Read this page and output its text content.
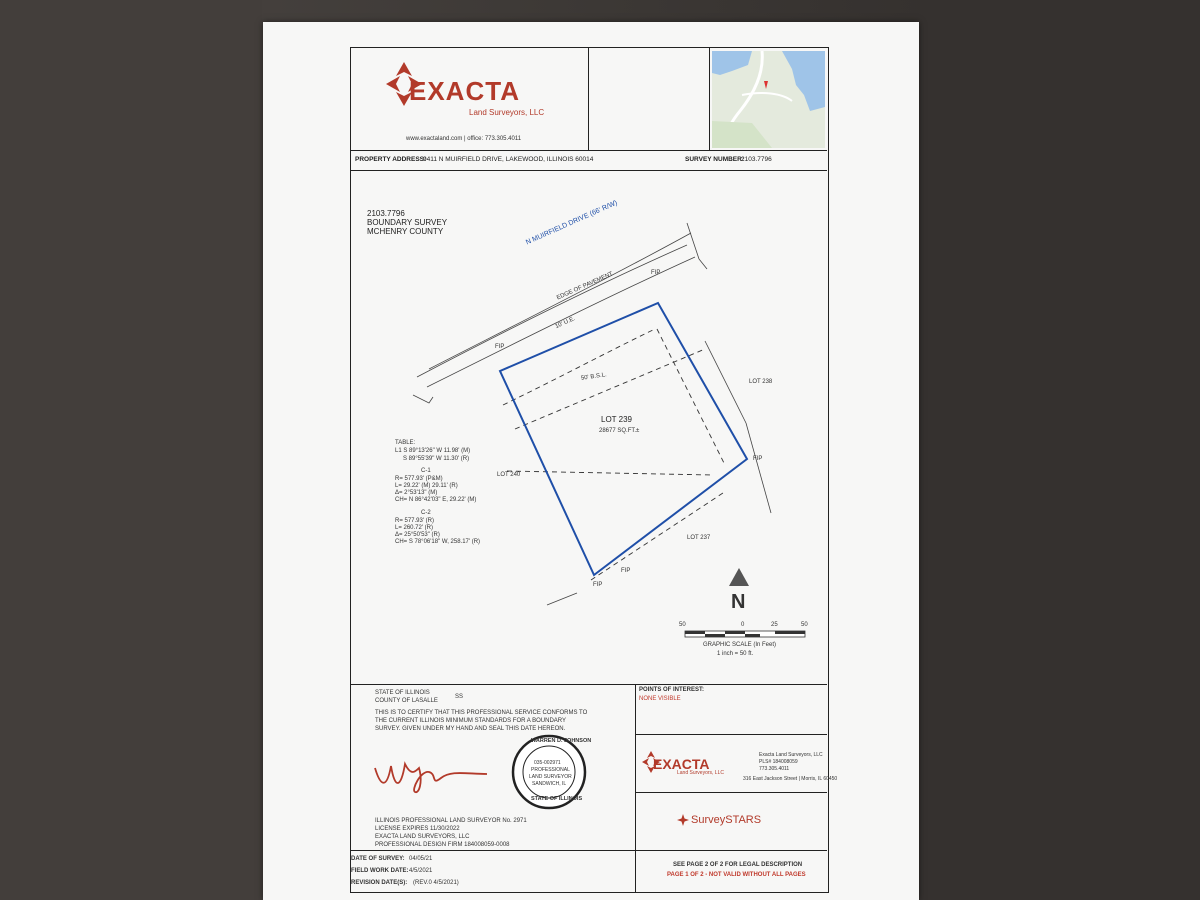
EXACTA
Land Surveyors, LLC
www.exactaland.com | office: 773.305.4011
PROPERTY ADDRESS:
9411 N MUIRFIELD DRIVE, LAKEWOOD, ILLINOIS 60014	SURVEY NUMBER:
2103.7796
2103.7796
BOUNDARY SURVEY
MCHENRY COUNTY	N MUIRFIELD DRIVE (66' R/W)
EDGE OF PAVEMENT
50' B.S.L.
10' U.E.
LOT 239
28677 SQ.FT.±
LOT 240
LOT 238
LOT 237
FIP
FIP
FIP
FIP
FIP
TABLE:
L1 S 89°13'26" W 11.98' (M)
S 89°55'39" W 11.30' (R)
C-1
R= 577.93' (P&M)
L= 29.22' (M) 29.11' (R)
Δ= 2°53'13" (M)
CH= N 86°42'03" E, 29.22' (M)
C-2
R= 577.93' (R)
L= 260.72' (R)
Δ= 25°50'53" (R)
CH= S 78°06'18" W, 258.17' (R)
N
50	0	25	50
GRAPHIC SCALE (In Feet)
1 inch = 50 ft.
STATE OF ILLINOIS
COUNTY OF LASALLE
SS
THIS IS TO CERTIFY THAT THIS PROFESSIONAL SERVICE CONFORMS TO
THE CURRENT ILLINOIS MINIMUM STANDARDS FOR A BOUNDARY
SURVEY. GIVEN UNDER MY HAND AND SEAL THIS DATE HEREON.
WARREN D. JOHNSON
035-002971
PROFESSIONAL
LAND SURVEYOR
SANDWICH, IL
STATE OF ILLINOIS
ILLINOIS PROFESSIONAL LAND SURVEYOR No. 2971
LICENSE EXPIRES 11/30/2022
EXACTA LAND SURVEYORS, LLC
PROFESSIONAL DESIGN FIRM 184008059-0008
POINTS OF INTEREST:
NONE VISIBLE
EXACTA
Land Surveyors, LLC
Exacta Land Surveyors, LLC
PLS# 184008059
773.305.4011
316 East Jackson Street | Morris, IL 60450
SurveySTARS
DATE OF SURVEY: 04/05/21
FIELD WORK DATE: 4/5/2021
REVISION DATE(S): (REV.0 4/5/2021)
SEE PAGE 2 OF 2 FOR LEGAL DESCRIPTION
PAGE 1 OF 2 - NOT VALID WITHOUT ALL PAGES
